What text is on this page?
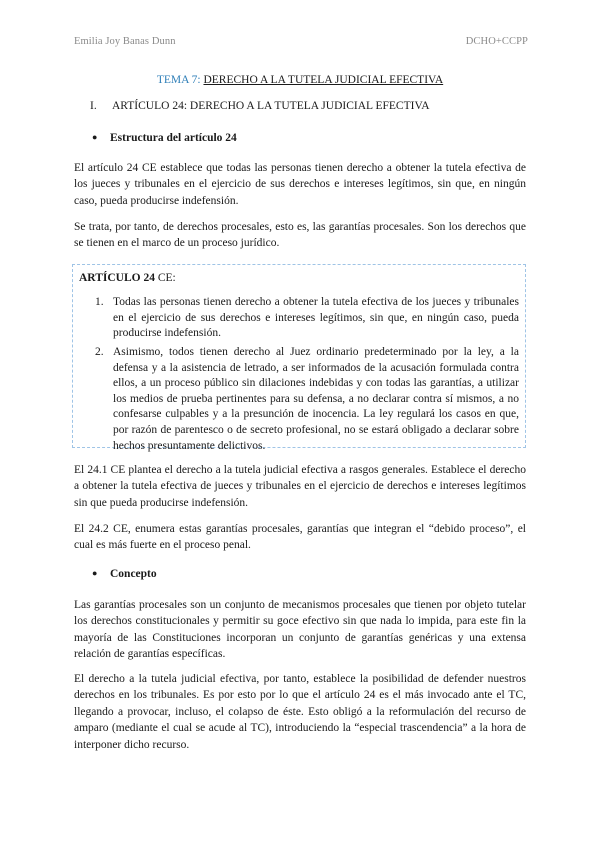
Emilia Joy Banas Dunn	DCHO+CCPP
TEMA 7: DERECHO A LA TUTELA JUDICIAL EFECTIVA
I. ARTÍCULO 24: DERECHO A LA TUTELA JUDICIAL EFECTIVA
● Estructura del artículo 24
El artículo 24 CE establece que todas las personas tienen derecho a obtener la tutela efectiva de los jueces y tribunales en el ejercicio de sus derechos e intereses legítimos, sin que, en ningún caso, pueda producirse indefensión.
Se trata, por tanto, de derechos procesales, esto es, las garantías procesales. Son los derechos que se tienen en el marco de un proceso jurídico.
ARTÍCULO 24 CE:
1. Todas las personas tienen derecho a obtener la tutela efectiva de los jueces y tribunales en el ejercicio de sus derechos e intereses legítimos, sin que, en ningún caso, pueda producirse indefensión.
2. Asimismo, todos tienen derecho al Juez ordinario predeterminado por la ley, a la defensa y a la asistencia de letrado, a ser informados de la acusación formulada contra ellos, a un proceso público sin dilaciones indebidas y con todas las garantías, a utilizar los medios de prueba pertinentes para su defensa, a no declarar contra sí mismos, a no confesarse culpables y a la presunción de inocencia. La ley regulará los casos en que, por razón de parentesco o de secreto profesional, no se estará obligado a declarar sobre hechos presuntamente delictivos.
El 24.1 CE plantea el derecho a la tutela judicial efectiva a rasgos generales. Establece el derecho a obtener la tutela efectiva de jueces y tribunales en el ejercicio de derechos e intereses legítimos sin que pueda producirse indefensión.
El 24.2 CE, enumera estas garantías procesales, garantías que integran el “debido proceso”, el cual es más fuerte en el proceso penal.
● Concepto
Las garantías procesales son un conjunto de mecanismos procesales que tienen por objeto tutelar los derechos constitucionales y permitir su goce efectivo sin que nada lo impida, para este fin la mayoría de las Constituciones incorporan un conjunto de garantías genéricas y una extensa relación de garantías específicas.
El derecho a la tutela judicial efectiva, por tanto, establece la posibilidad de defender nuestros derechos en los tribunales. Es por esto por lo que el artículo 24 es el más invocado ante el TC, llegando a provocar, incluso, el colapso de éste. Esto obligó a la reformulación del recurso de amparo (mediante el cual se acude al TC), introduciendo la “especial trascendencia” a la hora de interponer dicho recurso.
